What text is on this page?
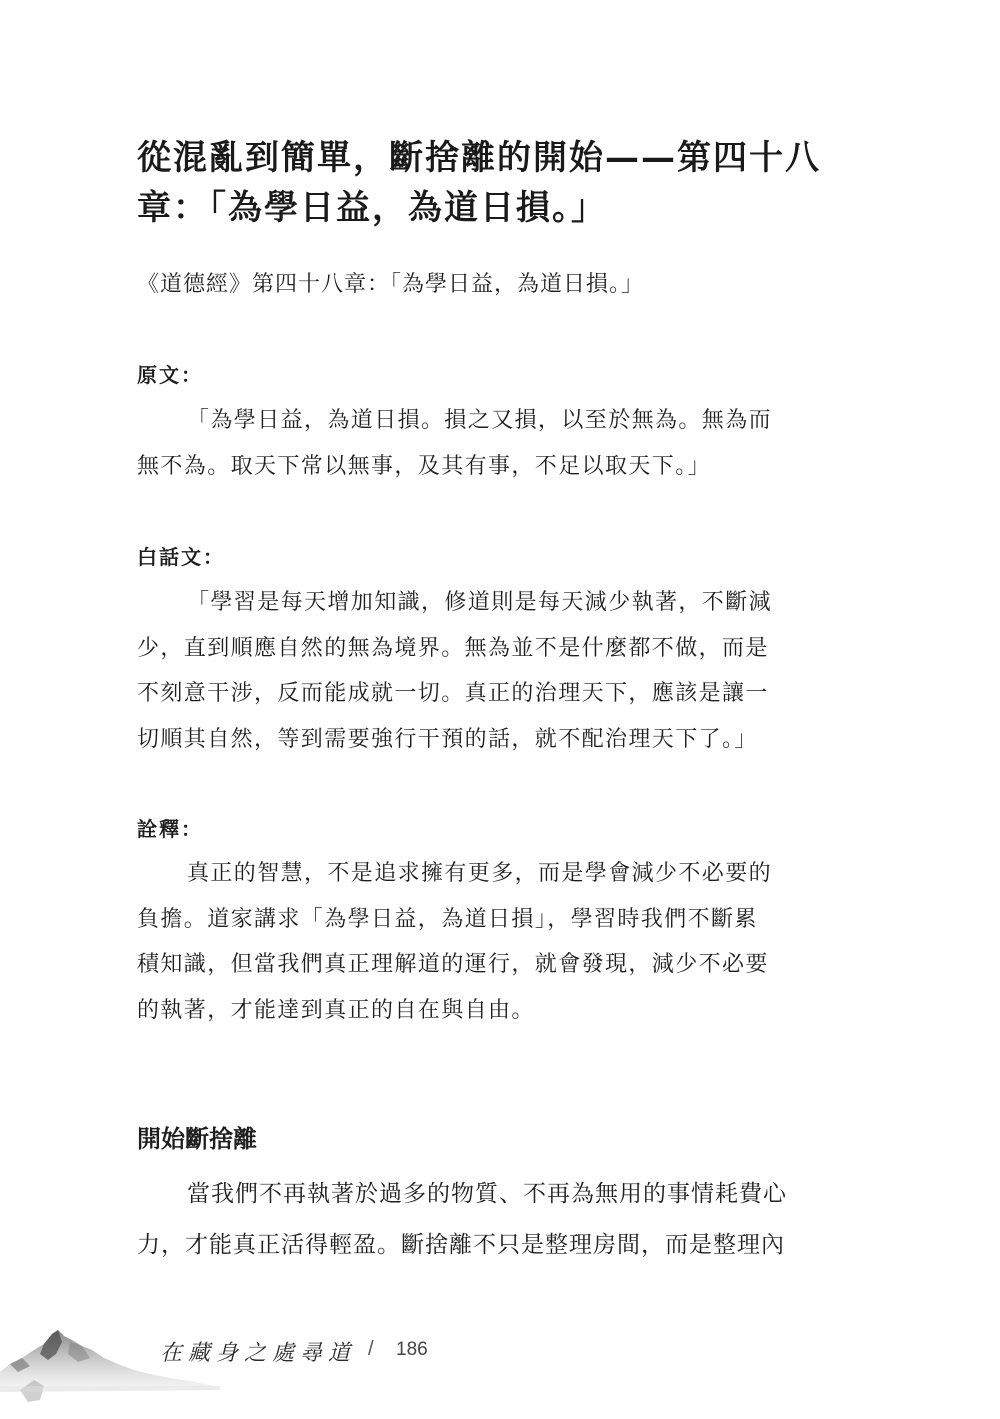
從混亂到簡單，斷捨離的開始——第四十八
章：「為學日益，為道日損。」
《道德經》第四十八章：「為學日益，為道日損。」
原文：
「為學日益，為道日損。損之又損，以至於無為。無為而
無不為。取天下常以無事，及其有事，不足以取天下。」
白話文：
「學習是每天增加知識，修道則是每天減少執著，不斷減
少，直到順應自然的無為境界。無為並不是什麼都不做，而是
不刻意干涉，反而能成就一切。真正的治理天下，應該是讓一
切順其自然，等到需要強行干預的話，就不配治理天下了。」
詮釋：
真正的智慧，不是追求擁有更多，而是學會減少不必要的
負擔。道家講求「為學日益，為道日損」，學習時我們不斷累
積知識，但當我們真正理解道的運行，就會發現，減少不必要
的執著，才能達到真正的自在與自由。
開始斷捨離
當我們不再執著於過多的物質、不再為無用的事情耗費心
力，才能真正活得輕盈。斷捨離不只是整理房間，而是整理內
在藏身之處尋道 / 186
